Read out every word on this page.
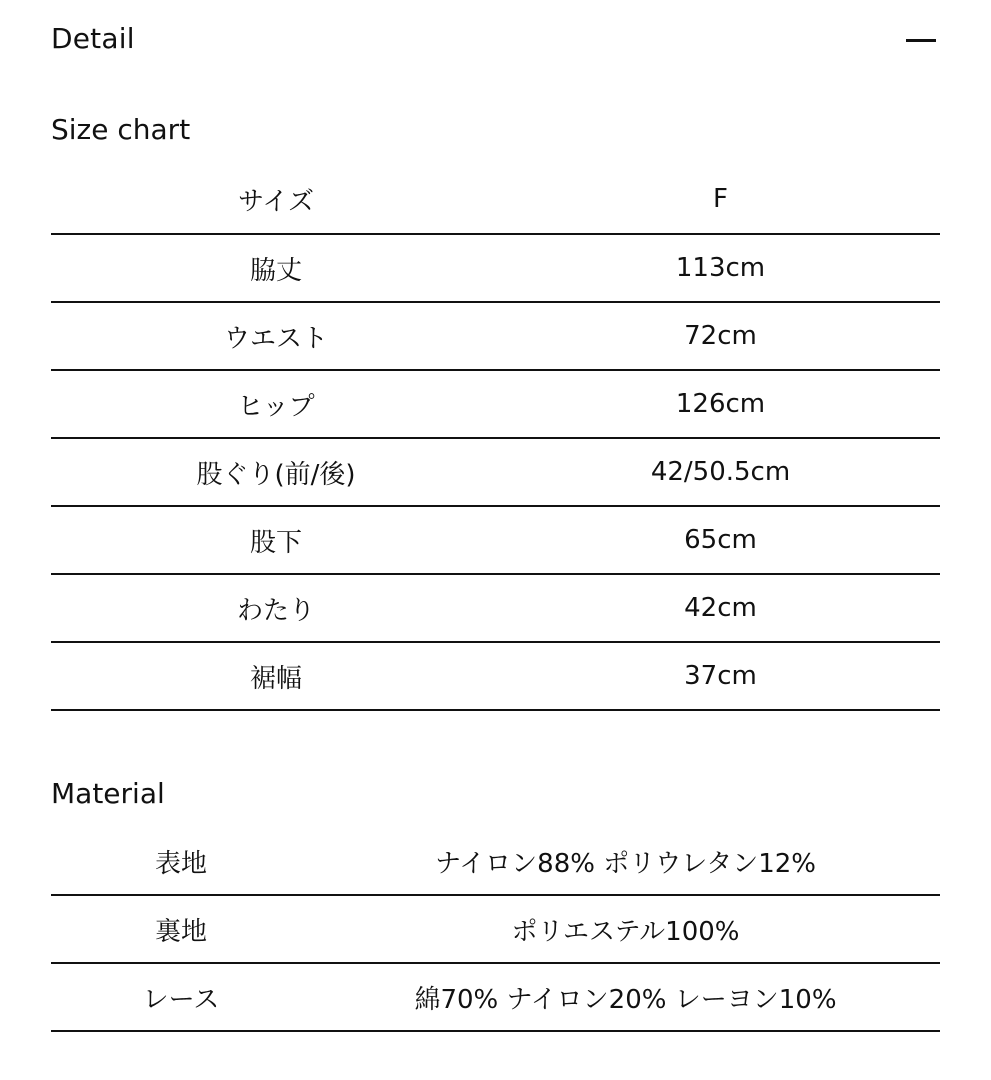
Detail
Size chart
サイズ	F
脇丈	113cm
ウエスト	72cm
ヒップ	126cm
股ぐり(前/後)	42/50.5cm
股下	65cm
わたり	42cm
裾幅	37cm
Material
表地	ナイロン88% ポリウレタン12%
裏地	ポリエステル100%
レース	綿70% ナイロン20% レーヨン10%
